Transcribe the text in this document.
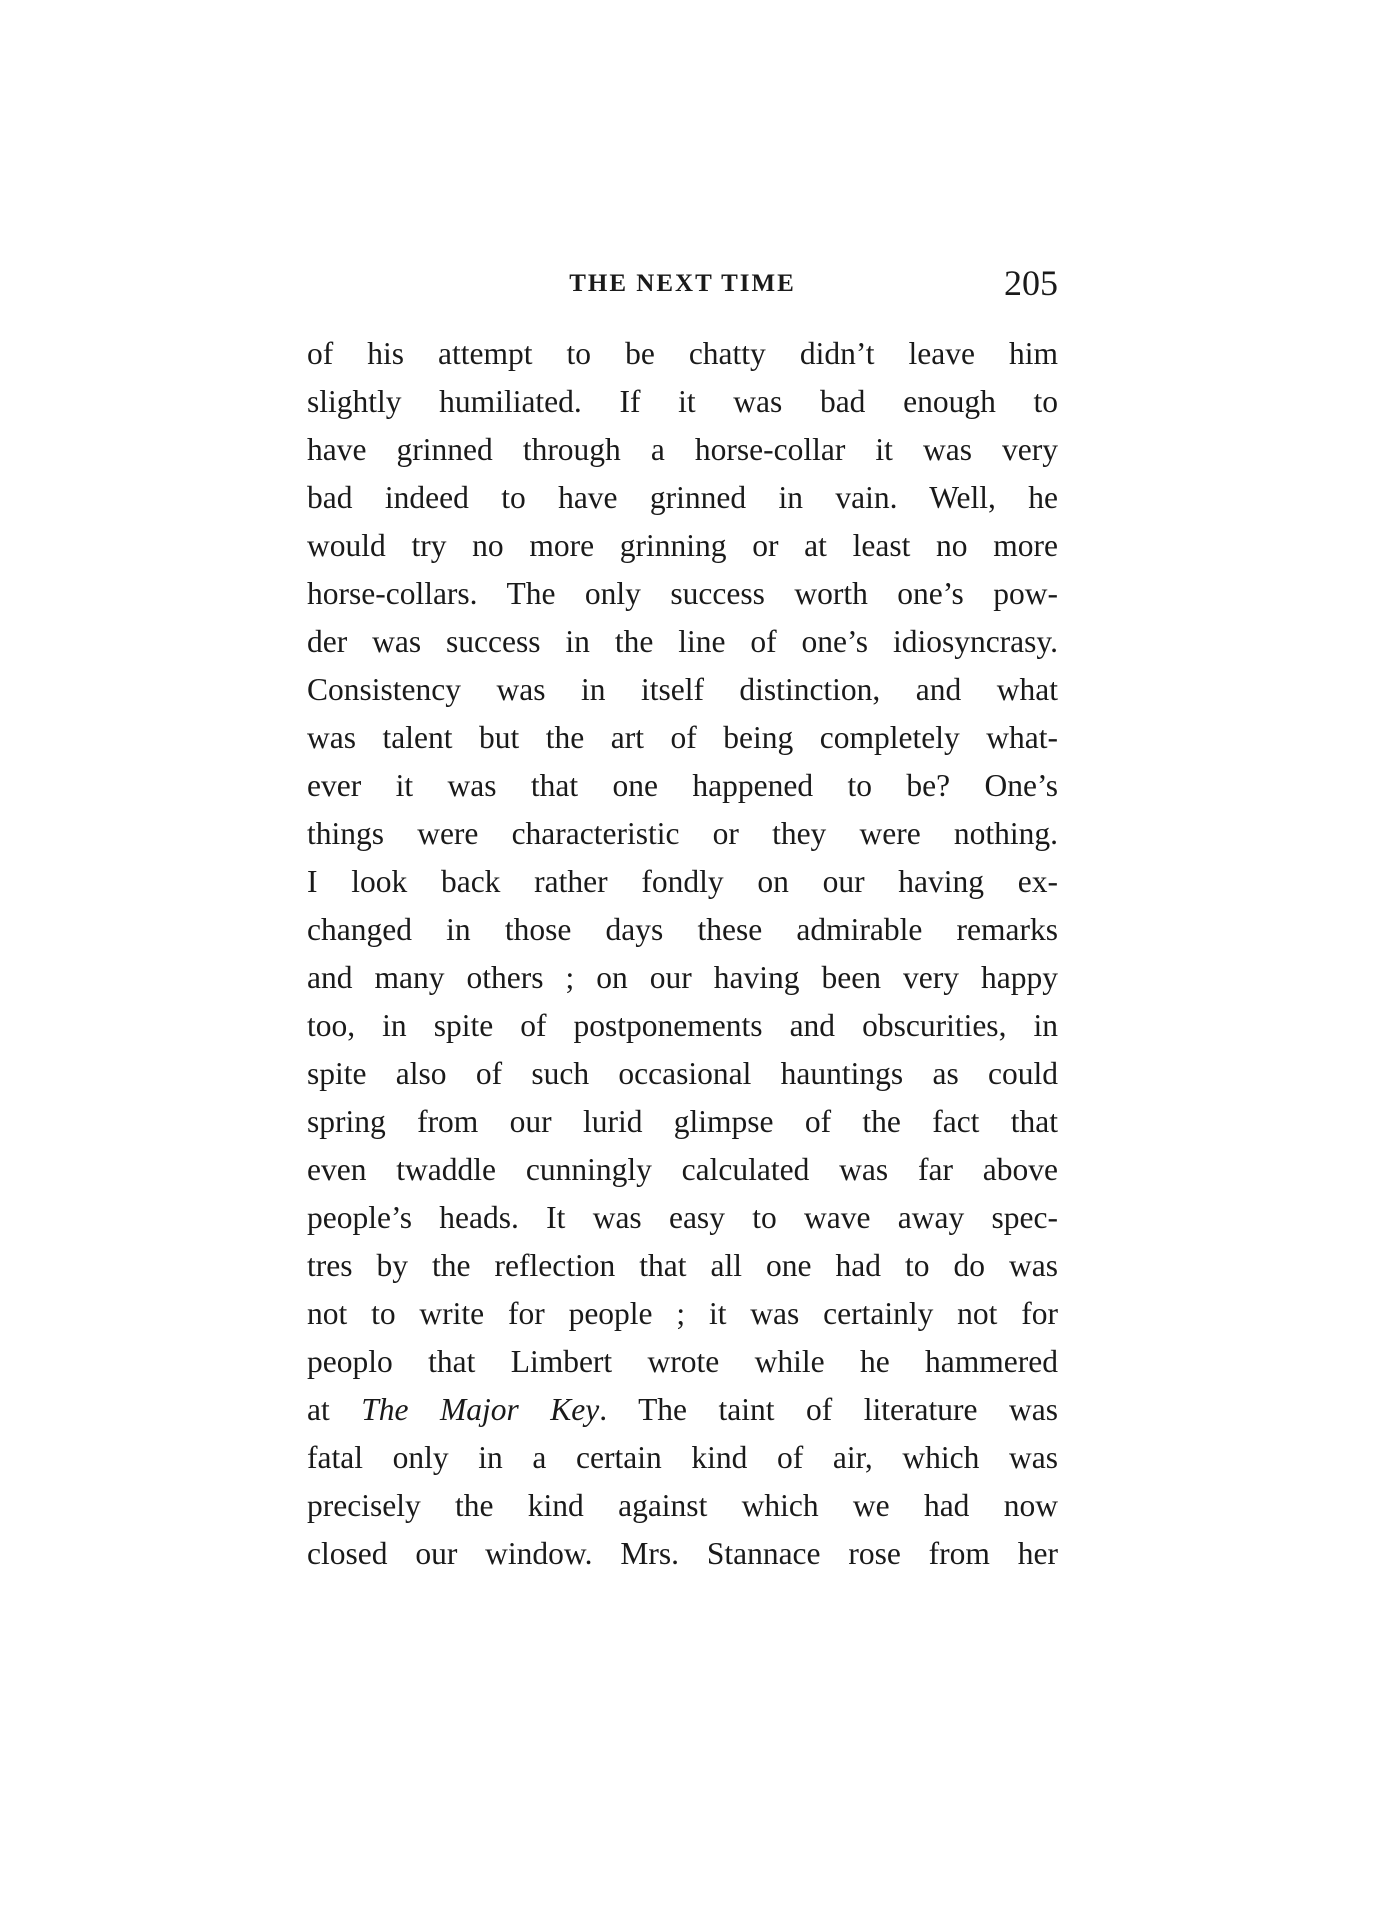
THE NEXT TIME	205
of his attempt to be chatty didn’t leave him
slightly humiliated. If it was bad enough to
have grinned through a horse-collar it was very
bad indeed to have grinned in vain. Well, he
would try no more grinning or at least no more
horse-collars. The only success worth one’s pow-
der was success in the line of one’s idiosyncrasy.
Consistency was in itself distinction, and what
was talent but the art of being completely what-
ever it was that one happened to be? One’s
things were characteristic or they were nothing.
I look back rather fondly on our having ex-
changed in those days these admirable remarks
and many others ; on our having been very happy
too, in spite of postponements and obscurities, in
spite also of such occasional hauntings as could
spring from our lurid glimpse of the fact that
even twaddle cunningly calculated was far above
people’s heads. It was easy to wave away spec-
tres by the reflection that all one had to do was
not to write for people ; it was certainly not for
peoplo that Limbert wrote while he hammered
at The Major Key. The taint of literature was
fatal only in a certain kind of air, which was
precisely the kind against which we had now
closed our window. Mrs. Stannace rose from her
